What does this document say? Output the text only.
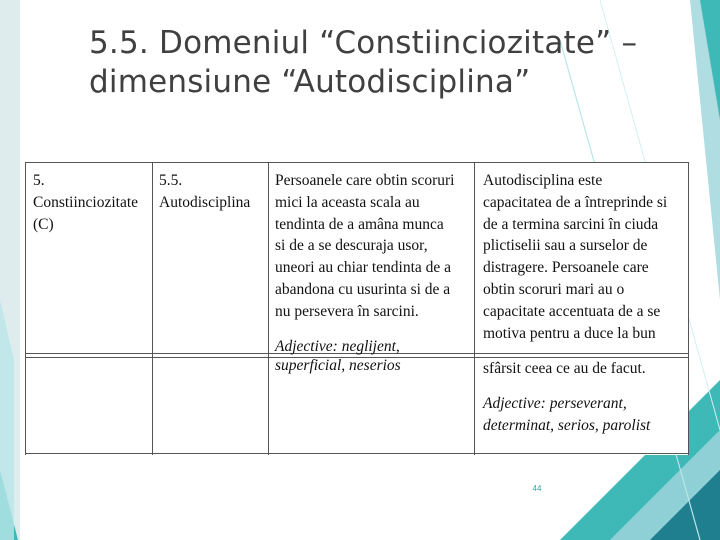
5.5. Domeniul “Constiinciozitate” –
dimensiune “Autodisciplina”
5.
Constiinciozitate
(C)
5.5.
Autodisciplina
Persoanele care obtin scoruri
mici la aceasta scala au
tendinta de a amâna munca
si de a se descuraja usor,
uneori au chiar tendinta de a
abandona cu usurinta si de a
nu persevera în sarcini.
Adjective: neglijent,
superficial, neserios
Autodisciplina este
capacitatea de a întreprinde si
de a termina sarcini în ciuda
plictiselii sau a surselor de
distragere. Persoanele care
obtin scoruri mari au o
capacitate accentuata de a se
motiva pentru a duce la bun
sfârsit ceea ce au de facut.
Adjective: perseverant,
determinat, serios, parolist
44
